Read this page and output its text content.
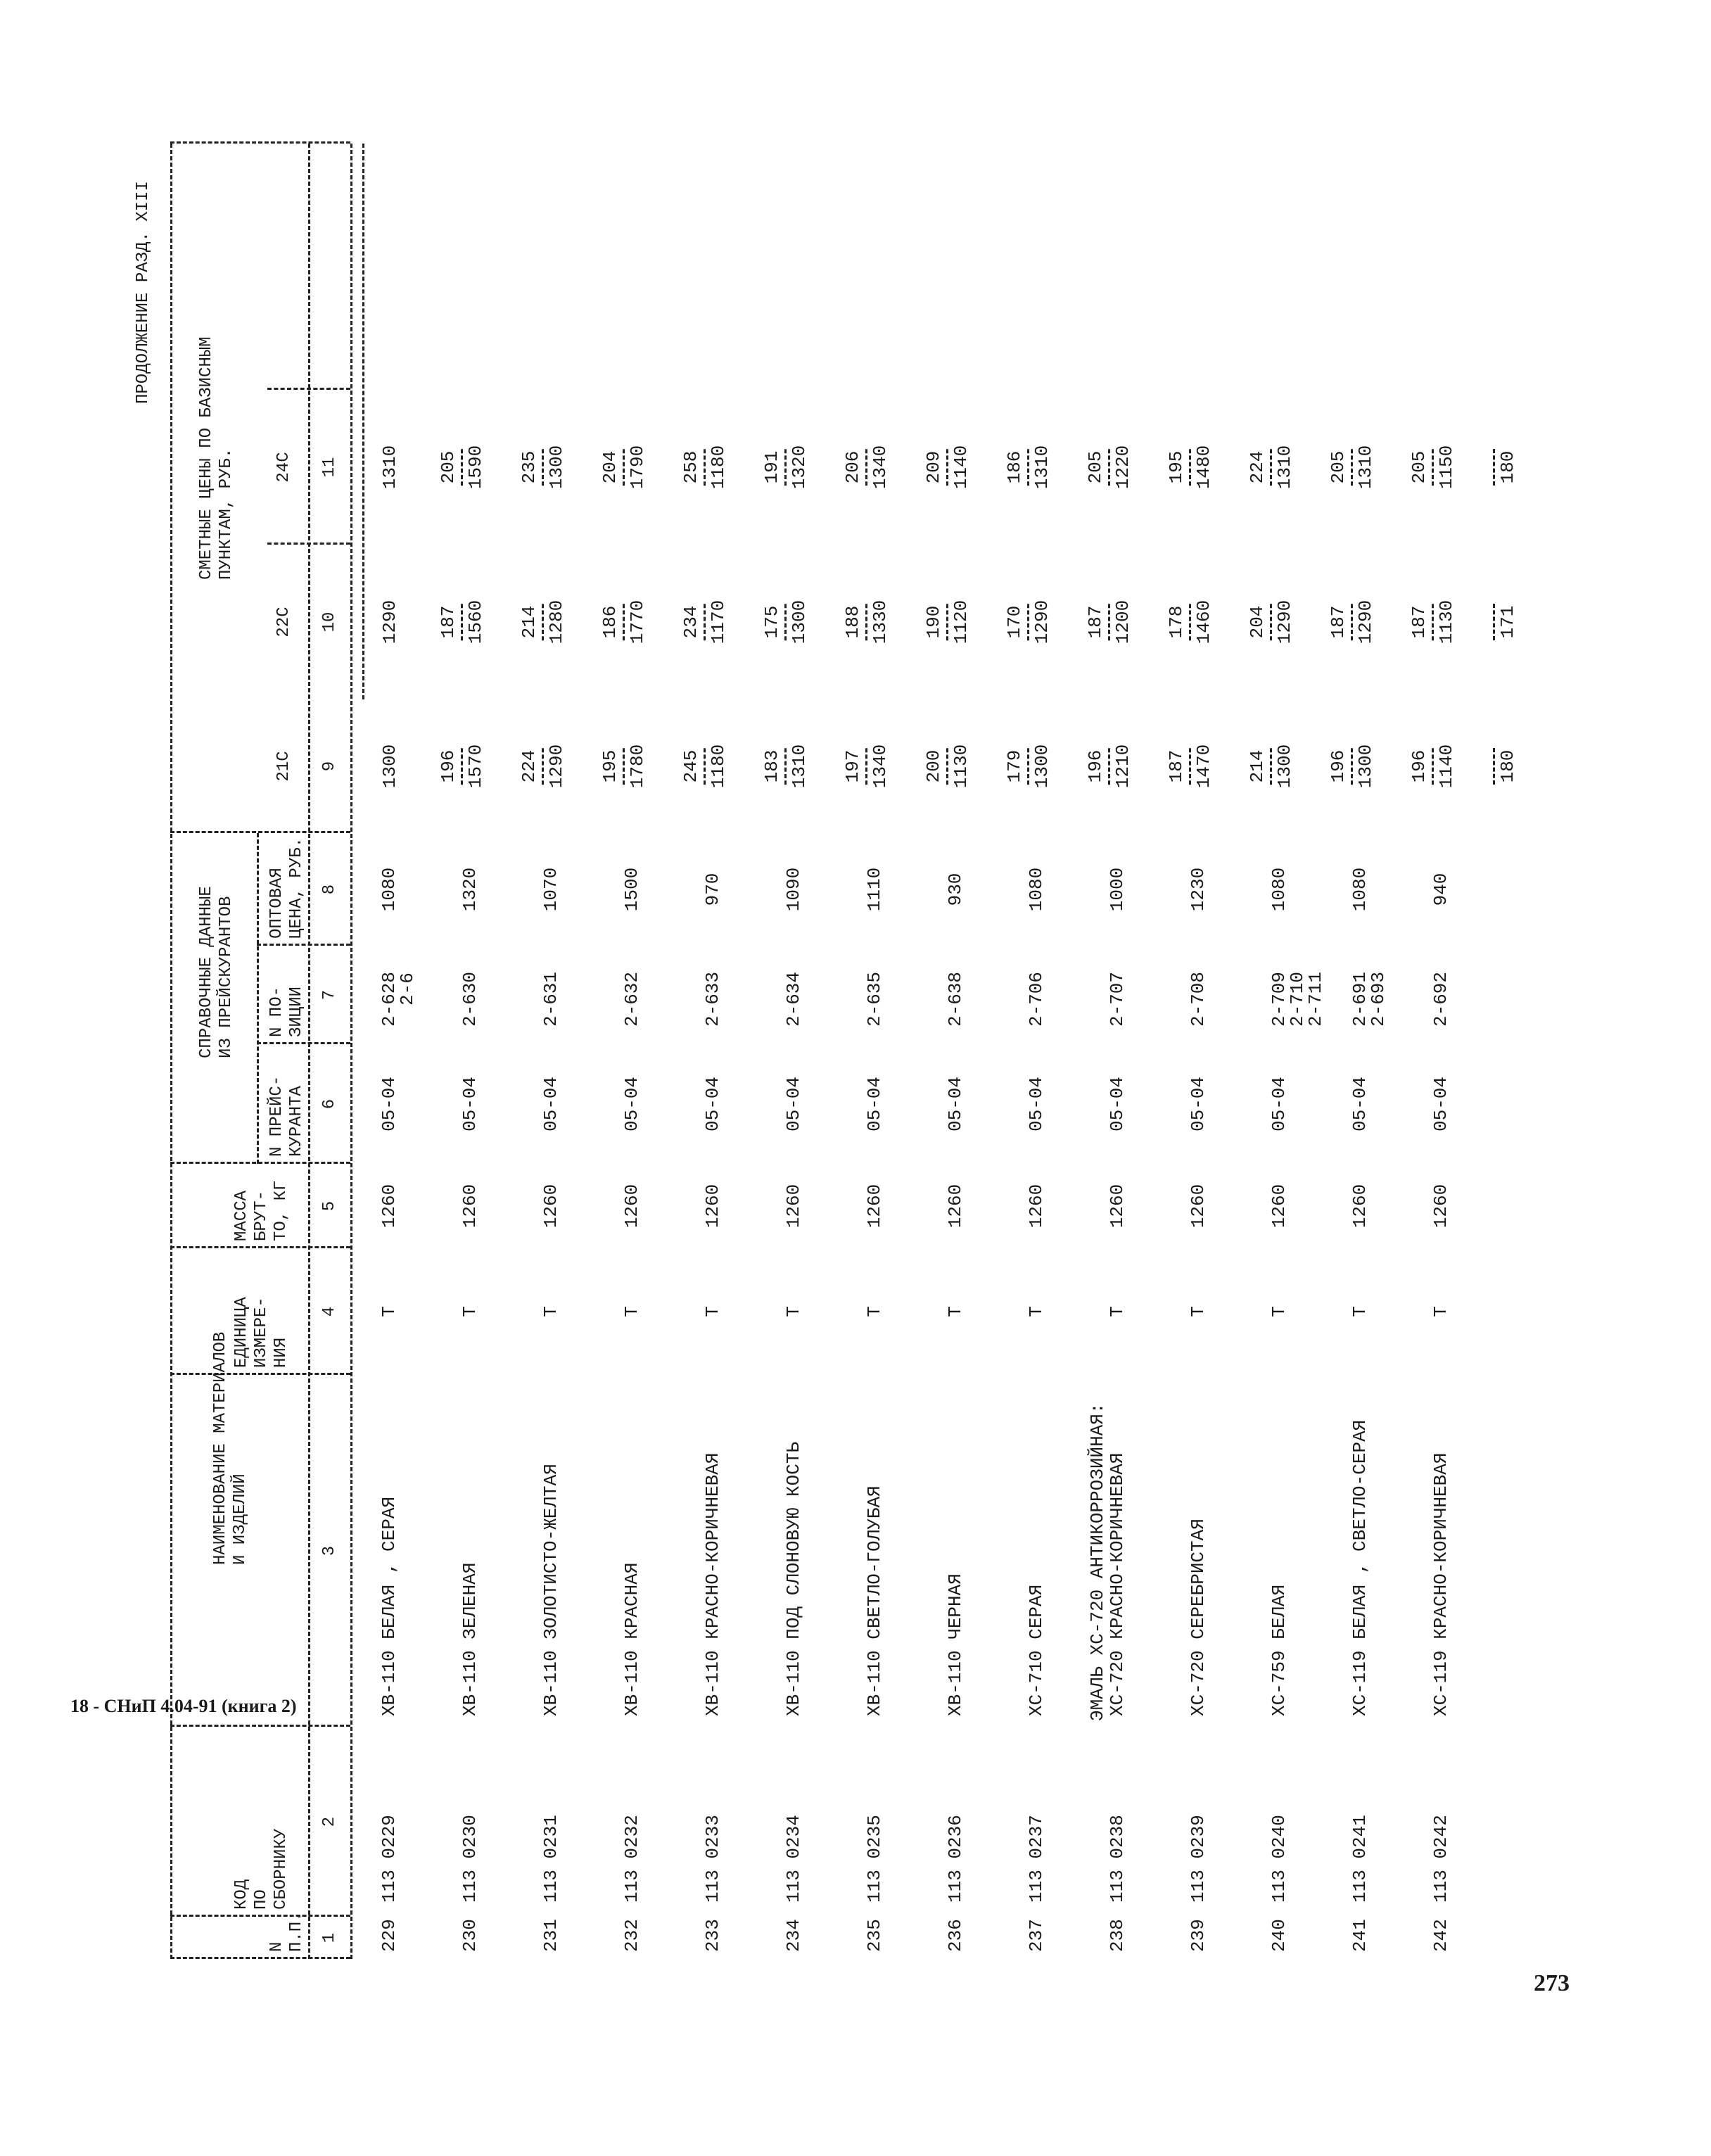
ПРОДОЛЖЕНИЕ РАЗД. XIII
N П.П.
КОД ПО СБОРНИКУ
НАИМЕНОВАНИЕ МАТЕРИАЛОВ И ИЗДЕЛИЙ
ЕДИНИЦА ИЗМЕРЕ- НИЯ
МАССА БРУТ- ТО, КГ
СПРАВОЧНЫЕ ДАННЫЕ ИЗ ПРЕЙСКУРАНТОВ
N ПРЕЙС- КУРАНТА
N ПО- ЗИЦИИ
ОПТОВАЯ ЦЕНА, РУБ.
СМЕТНЫЕ ЦЕНЫ ПО БАЗИСНЫМ ПУНКТАМ, РУБ.
21С
22С
24С
1
2
3
4
5
6
7
8
9
10
11
229
113 0229
ХВ-110 БЕЛАЯ , СЕРАЯ
Т
1260
05-04
2-628
2-6
1080
1300
1290
1310
230
113 0230
ХВ-110 ЗЕЛЕНАЯ
Т
1260
05-04
2-630
1320
196 1570
187 1560
205 1590
231
113 0231
ХВ-110 ЗОЛОТИСТО-ЖЕЛТАЯ
Т
1260
05-04
2-631
1070
224 1290
214 1280
235 1300
232
113 0232
ХВ-110 КРАСНАЯ
Т
1260
05-04
2-632
1500
195 1780
186 1770
204 1790
233
113 0233
ХВ-110 КРАСНО-КОРИЧНЕВАЯ
Т
1260
05-04
2-633
970
245 1180
234 1170
258 1180
234
113 0234
ХВ-110 ПОД СЛОНОВУЮ КОСТЬ
Т
1260
05-04
2-634
1090
183 1310
175 1300
191 1320
235
113 0235
ХВ-110 СВЕТЛО-ГОЛУБАЯ
Т
1260
05-04
2-635
1110
197 1340
188 1330
206 1340
236
113 0236
ХВ-110 ЧЕРНАЯ
Т
1260
05-04
2-638
930
200 1130
190 1120
209 1140
237
113 0237
ХС-710 СЕРАЯ
Т
1260
05-04
2-706
1080
179 1300
170 1290
186 1310
238
113 0238
ЭМАЛЬ ХС-720 АНТИКОРРОЗИЙНАЯ:
ХС-720 КРАСНО-КОРИЧНЕВАЯ
Т
1260
05-04
2-707
1000
196 1210
187 1200
205 1220
239
113 0239
ХС-720 СЕРЕБРИСТАЯ
Т
1260
05-04
2-708
1230
187 1470
178 1460
195 1480
240
113 0240
ХС-759 БЕЛАЯ
Т
1260
05-04
2-709
2-710
2-711
1080
214 1300
204 1290
224 1310
241
113 0241
ХС-119 БЕЛАЯ , СВЕТЛО-СЕРАЯ
Т
1260
05-04
2-691
2-693
1080
196 1300
187 1290
205 1310
242
113 0242
ХС-119 КРАСНО-КОРИЧНЕВАЯ
Т
1260
05-04
2-692
940
196 1140
187 1130
205 1150
180
171
180
18 - СНиП 4.04-91 (книга 2)
273
